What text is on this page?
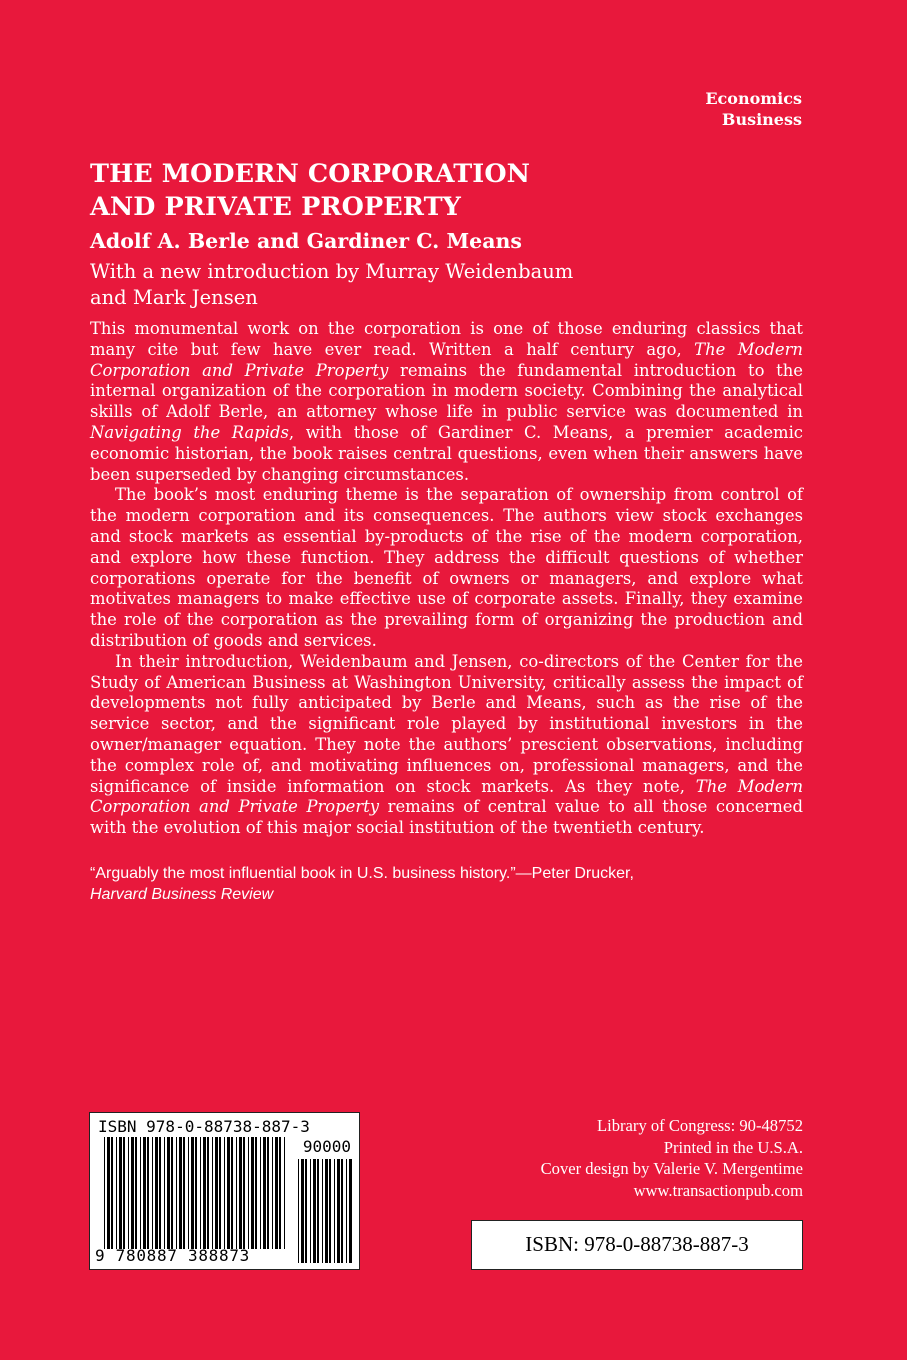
Economics
Business
THE MODERN CORPORATION
AND PRIVATE PROPERTY
Adolf A. Berle and Gardiner C. Means
With a new introduction by Murray Weidenbaum
and Mark Jensen

This monumental work on the corporation is one of those enduring classics that many cite but few have ever read. Written a half century ago, The Modern Corporation and Private Property remains the fundamental introduction to the internal organization of the corporation in modern society. Combining the analytical skills of Adolf Berle, an attorney whose life in public service was documented in Navigating the Rapids, with those of Gardiner C. Means, a premier academic economic historian, the book raises central questions, even when their answers have been superseded by changing circumstances.

The book’s most enduring theme is the separation of ownership from control of the modern corporation and its consequences. The authors view stock exchanges and stock markets as essential by-products of the rise of the modern corporation, and explore how these function. They address the difficult questions of whether corporations operate for the benefit of owners or managers, and explore what motivates managers to make effective use of corporate assets. Finally, they examine the role of the corporation as the prevailing form of organizing the production and distribution of goods and services.

In their introduction, Weidenbaum and Jensen, co-directors of the Center for the Study of American Business at Washington University, critically assess the impact of developments not fully anticipated by Berle and Means, such as the rise of the service sector, and the significant role played by institutional investors in the owner/manager equation. They note the authors’ prescient observations, including the complex role of, and motivating influences on, professional managers, and the significance of inside information on stock markets. As they note, The Modern Corporation and Private Property remains of central value to all those concerned with the evolution of this major social institution of the twentieth century.

“Arguably the most influential book in U.S. business history.”—Peter Drucker,
Harvard Business Review
ISBN 978-0-88738-887-3
90000
9 780887 388873
Library of Congress: 90-48752
Printed in the U.S.A.
Cover design by Valerie V. Mergentime
www.transactionpub.com
ISBN: 978-0-88738-887-3
